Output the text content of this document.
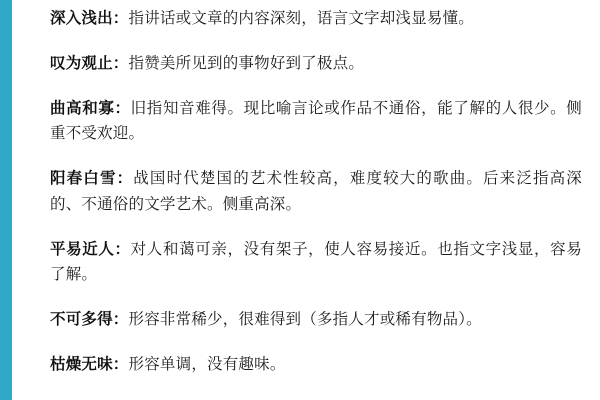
深入浅出：指讲话或文章的内容深刻，语言文字却浅显易懂。

叹为观止：指赞美所见到的事物好到了极点。

曲高和寡：旧指知音难得。现比喻言论或作品不通俗，能了解的人很少。侧重不受欢迎。

阳春白雪：战国时代楚国的艺术性较高，难度较大的歌曲。后来泛指高深的、不通俗的文学艺术。侧重高深。

平易近人：对人和蔼可亲，没有架子，使人容易接近。也指文字浅显，容易了解。

不可多得：形容非常稀少，很难得到（多指人才或稀有物品）。

枯燥无味：形容单调，没有趣味。
